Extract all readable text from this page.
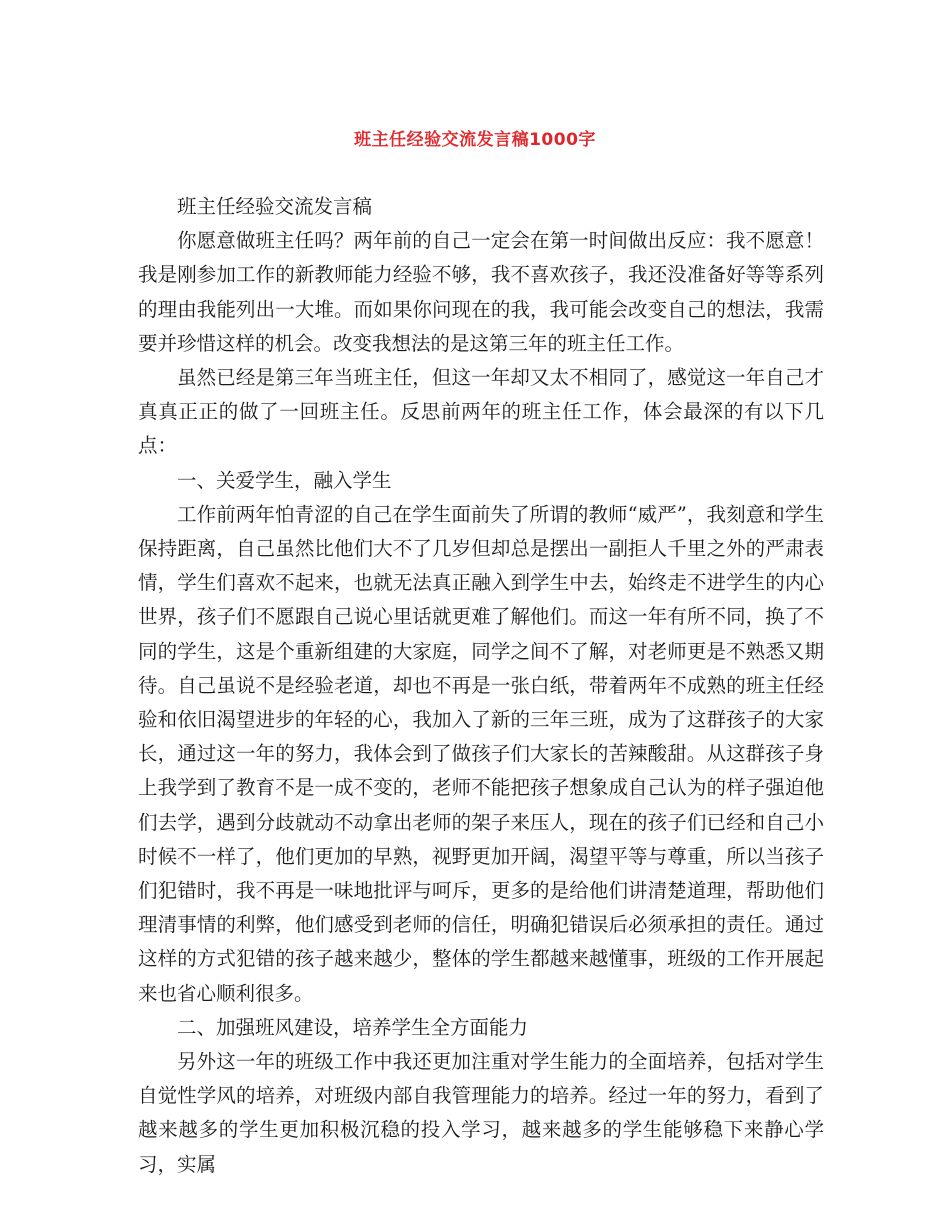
班主任经验交流发言稿1000字

班主任经验交流发言稿

你愿意做班主任吗？两年前的自己一定会在第一时间做出反应：我不愿意！我是刚参加工作的新教师能力经验不够，我不喜欢孩子，我还没准备好等等系列的理由我能列出一大堆。而如果你问现在的我，我可能会改变自己的想法，我需要并珍惜这样的机会。改变我想法的是这第三年的班主任工作。

虽然已经是第三年当班主任，但这一年却又太不相同了，感觉这一年自己才真真正正的做了一回班主任。反思前两年的班主任工作，体会最深的有以下几点：

一、关爱学生，融入学生

工作前两年怕青涩的自己在学生面前失了所谓的教师“威严”，我刻意和学生保持距离，自己虽然比他们大不了几岁但却总是摆出一副拒人千里之外的严肃表情，学生们喜欢不起来，也就无法真正融入到学生中去，始终走不进学生的内心世界，孩子们不愿跟自己说心里话就更难了解他们。而这一年有所不同，换了不同的学生，这是个重新组建的大家庭，同学之间不了解，对老师更是不熟悉又期待。自己虽说不是经验老道，却也不再是一张白纸，带着两年不成熟的班主任经验和依旧渴望进步的年轻的心，我加入了新的三年三班，成为了这群孩子的大家长，通过这一年的努力，我体会到了做孩子们大家长的苦辣酸甜。从这群孩子身上我学到了教育不是一成不变的，老师不能把孩子想象成自己认为的样子强迫他们去学，遇到分歧就动不动拿出老师的架子来压人，现在的孩子们已经和自己小时候不一样了，他们更加的早熟，视野更加开阔，渴望平等与尊重，所以当孩子们犯错时，我不再是一味地批评与呵斥，更多的是给他们讲清楚道理，帮助他们理清事情的利弊，他们感受到老师的信任，明确犯错误后必须承担的责任。通过这样的方式犯错的孩子越来越少，整体的学生都越来越懂事，班级的工作开展起来也省心顺利很多。

二、加强班风建设，培养学生全方面能力

另外这一年的班级工作中我还更加注重对学生能力的全面培养，包括对学生自觉性学风的培养，对班级内部自我管理能力的培养。经过一年的努力，看到了越来越多的学生更加积极沉稳的投入学习，越来越多的学生能够稳下来静心学习，实属
